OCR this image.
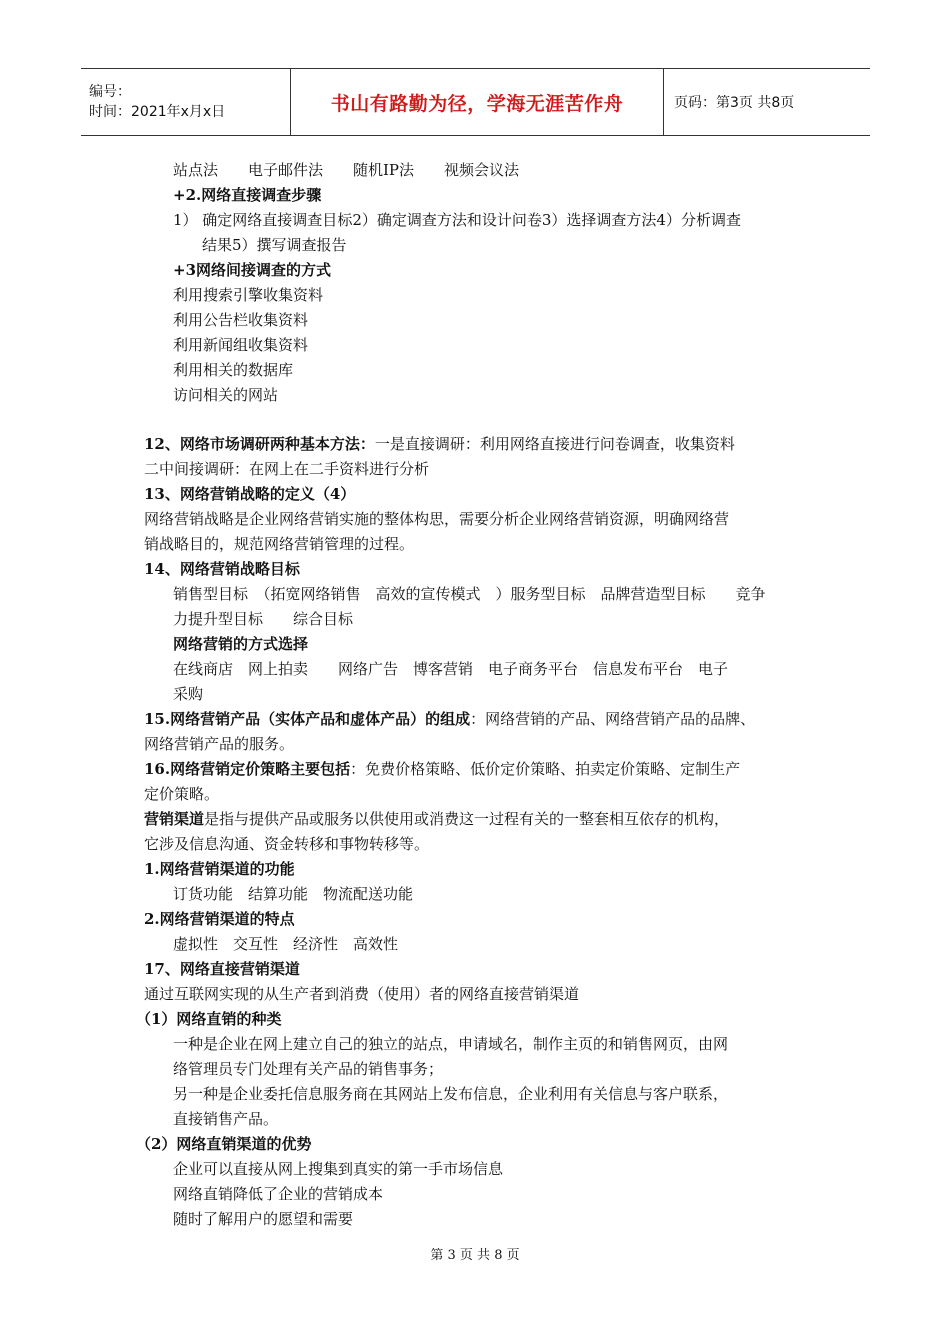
编号：
时间：2021年x月x日	书山有路勤为径，学海无涯苦作舟	页码：第3页 共8页
站点法　　电子邮件法　　随机IP法　　视频会议法
+2.网络直接调查步骤
1） 确定网络直接调查目标2）确定调查方法和设计问卷3）选择调查方法4）分析调查
结果5）撰写调查报告
+3网络间接调查的方式
利用搜索引擎收集资料
利用公告栏收集资料
利用新闻组收集资料
利用相关的数据库
访问相关的网站
12、网络市场调研两种基本方法：一是直接调研：利用网络直接进行问卷调查，收集资料
二中间接调研：在网上在二手资料进行分析
13、网络营销战略的定义（4）
网络营销战略是企业网络营销实施的整体构思，需要分析企业网络营销资源，明确网络营
销战略目的，规范网络营销管理的过程。
14、网络营销战略目标
销售型目标　（拓宽网络销售　高效的宣传模式　）服务型目标　品牌营造型目标　　竞争
力提升型目标　　综合目标
网络营销的方式选择
在线商店　网上拍卖　　网络广告　博客营销　电子商务平台　信息发布平台　电子
采购
15.网络营销产品（实体产品和虚体产品）的组成：网络营销的产品、网络营销产品的品牌、
网络营销产品的服务。
16.网络营销定价策略主要包括：免费价格策略、低价定价策略、拍卖定价策略、定制生产
定价策略。
营销渠道是指与提供产品或服务以供使用或消费这一过程有关的一整套相互依存的机构，
它涉及信息沟通、资金转移和事物转移等。
1.网络营销渠道的功能
订货功能　结算功能　物流配送功能
2.网络营销渠道的特点
虚拟性　交互性　经济性　高效性
17、网络直接营销渠道
通过互联网实现的从生产者到消费（使用）者的网络直接营销渠道
（1）网络直销的种类
一种是企业在网上建立自己的独立的站点，申请域名，制作主页的和销售网页，由网
络管理员专门处理有关产品的销售事务；
另一种是企业委托信息服务商在其网站上发布信息，企业利用有关信息与客户联系，
直接销售产品。
（2）网络直销渠道的优势
企业可以直接从网上搜集到真实的第一手市场信息
网络直销降低了企业的营销成本
随时了解用户的愿望和需要
第 3 页 共 8 页
